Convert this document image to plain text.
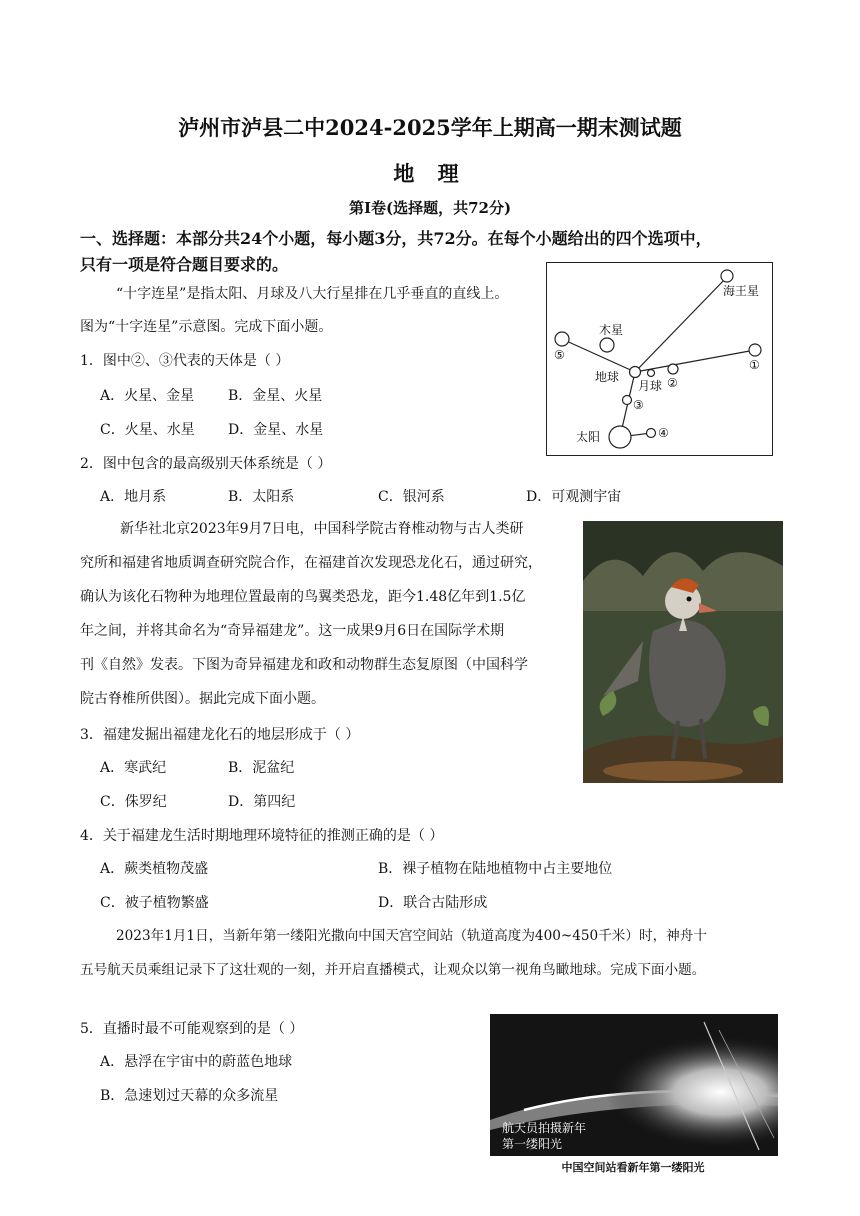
泸州市泸县二中2024-2025学年上期高一期末测试题
地 理
第I卷(选择题，共72分)
一、选择题：本部分共24个小题，每小题3分，共72分。在每个小题给出的四个选项中，
只有一项是符合题目要求的。
“十字连星”是指太阳、月球及八大行星排在几乎垂直的直线上。
图为“十字连星”示意图。完成下面小题。
海王星
木星
地球
月球
太阳
⑤
②
①
③
④
1．图中②、③代表的天体是（ ）
A．火星、金星 B．金星、火星
C．火星、水星 D．金星、水星
2．图中包含的最高级别天体系统是（ ）
A．地月系	B．太阳系	C．银河系	D．可观测宇宙
新华社北京2023年9月7日电，中国科学院古脊椎动物与古人类研
究所和福建省地质调查研究院合作，在福建首次发现恐龙化石，通过研究，
确认为该化石物种为地理位置最南的鸟翼类恐龙，距今1.48亿年到1.5亿
年之间，并将其命名为“奇异福建龙”。这一成果9月6日在国际学术期
刊《自然》发表。下图为奇异福建龙和政和动物群生态复原图（中国科学
院古脊椎所供图）。据此完成下面小题。
3．福建发掘出福建龙化石的地层形成于（ ）
A．寒武纪	B．泥盆纪
C．侏罗纪	D．第四纪
4．关于福建龙生活时期地理环境特征的推测正确的是（ ）
A．蕨类植物茂盛	B．裸子植物在陆地植物中占主要地位
C．被子植物繁盛	D．联合古陆形成
2023年1月1日，当新年第一缕阳光撒向中国天宫空间站（轨道高度为400~450千米）时，神舟十
五号航天员乘组记录下了这壮观的一刻，并开启直播模式，让观众以第一视角鸟瞰地球。完成下面小题。
5．直播时最不可能观察到的是（ ）
A．悬浮在宇宙中的蔚蓝色地球
B．急速划过天幕的众多流星
航天员拍摄新年
第一缕阳光
中国空间站看新年第一缕阳光
